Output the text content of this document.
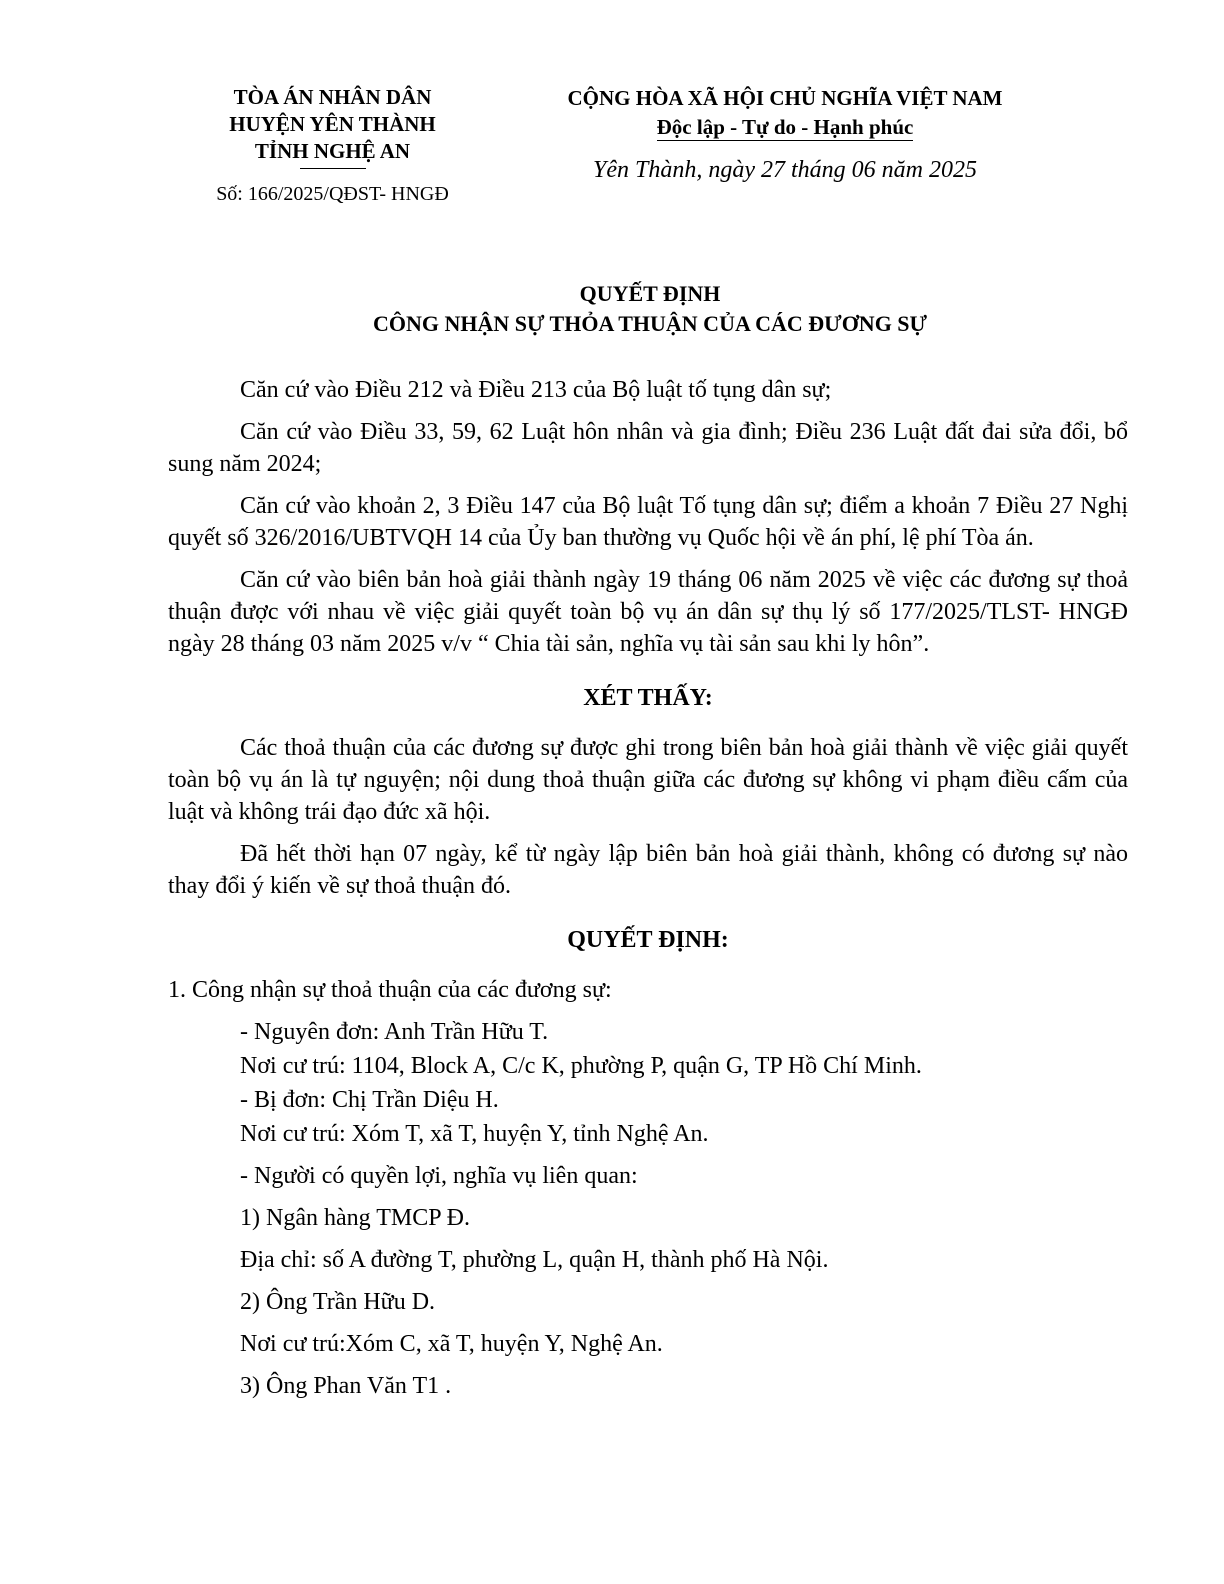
TÒA ÁN NHÂN DÂN
HUYỆN YÊN THÀNH
TỈNH NGHỆ AN
Số: 166/2025/QĐST- HNGĐ
CỘNG HÒA XÃ HỘI CHỦ NGHĨA VIỆT NAM
Độc lập - Tự do - Hạnh phúc
Yên Thành, ngày 27 tháng 06 năm 2025
QUYẾT ĐỊNH
CÔNG NHẬN SỰ THỎA THUẬN CỦA CÁC ĐƯƠNG SỰ

Căn cứ vào Điều 212 và Điều 213 của Bộ luật tố tụng dân sự;

Căn cứ vào Điều 33, 59, 62 Luật hôn nhân và gia đình; Điều 236 Luật đất đai sửa đổi, bổ sung năm 2024;

Căn cứ vào khoản 2, 3 Điều 147 của Bộ luật Tố tụng dân sự; điểm a khoản 7 Điều 27 Nghị quyết số 326/2016/UBTVQH 14 của Ủy ban thường vụ Quốc hội về án phí, lệ phí Tòa án.

Căn cứ vào biên bản hoà giải thành ngày 19 tháng 06 năm 2025 về việc các đương sự thoả thuận được với nhau về việc giải quyết toàn bộ vụ án dân sự thụ lý số 177/2025/TLST- HNGĐ ngày 28 tháng 03 năm 2025 v/v “ Chia tài sản, nghĩa vụ tài sản sau khi ly hôn”.

XÉT THẤY:

Các thoả thuận của các đương sự được ghi trong biên bản hoà giải thành về việc giải quyết toàn bộ vụ án là tự nguyện; nội dung thoả thuận giữa các đương sự không vi phạm điều cấm của luật và không trái đạo đức xã hội.

Đã hết thời hạn 07 ngày, kể từ ngày lập biên bản hoà giải thành, không có đương sự nào thay đổi ý kiến về sự thoả thuận đó.

QUYẾT ĐỊNH:

1. Công nhận sự thoả thuận của các đương sự:

- Nguyên đơn: Anh Trần Hữu T.

Nơi cư trú: 1104, Block A, C/c K, phường P, quận G, TP Hồ Chí Minh.

- Bị đơn: Chị Trần Diệu H.

Nơi cư trú: Xóm T, xã T, huyện Y, tỉnh Nghệ An.

- Người có quyền lợi, nghĩa vụ liên quan:

1) Ngân hàng TMCP Đ.

Địa chỉ: số A đường T, phường L, quận H, thành phố Hà Nội.

2) Ông Trần Hữu D.

Nơi cư trú:Xóm C, xã T, huyện Y, Nghệ An.

3) Ông Phan Văn T1 .
